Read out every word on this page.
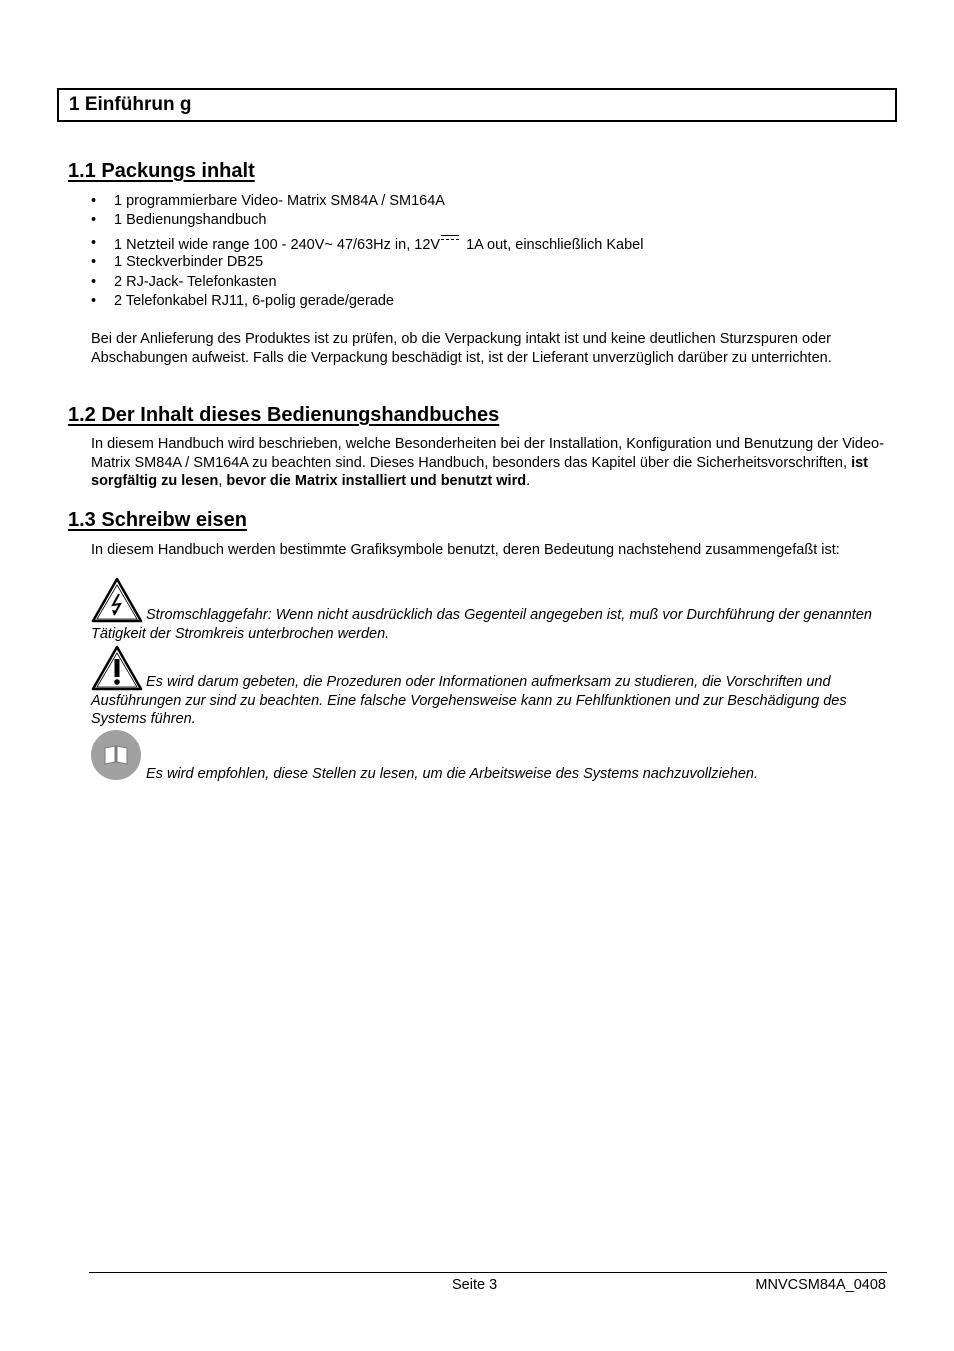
1 Einführun g
1.1 Packungs inhalt
• 1 programmierbare Video- Matrix SM84A / SM164A
• 1 Bedienungshandbuch
• 1 Netzteil wide range 100 - 240V~ 47/63Hz in, 12V 1A out, einschließlich Kabel
• 1 Steckverbinder DB25
• 2 RJ-Jack- Telefonkasten
• 2 Telefonkabel RJ11, 6-polig gerade/gerade
Bei der Anlieferung des Produktes ist zu prüfen, ob die Verpackung intakt ist und keine deutlichen Sturzspuren oder Abschabungen aufweist. Falls die Verpackung beschädigt ist, ist der Lieferant unverzüglich darüber zu unterrichten.
1.2 Der Inhalt dieses Bedienungshandbuches
In diesem Handbuch wird beschrieben, welche Besonderheiten bei der Installation, Konfiguration und Benutzung der Video- Matrix SM84A / SM164A zu beachten sind. Dieses Handbuch, besonders das Kapitel über die Sicherheitsvorschriften, ist sorgfältig zu lesen, bevor die Matrix installiert und benutzt wird.
1.3 Schreibw eisen
In diesem Handbuch werden bestimmte Grafiksymbole benutzt, deren Bedeutung nachstehend zusammengefaßt ist:
Stromschlaggefahr: Wenn nicht ausdrücklich das Gegenteil angegeben ist, muß vor Durchführung der genannten Tätigkeit der Stromkreis unterbrochen werden.
Es wird darum gebeten, die Prozeduren oder Informationen aufmerksam zu studieren, die Vorschriften und Ausführungen zur sind zu beachten. Eine falsche Vorgehensweise kann zu Fehlfunktionen und zur Beschädigung des Systems führen.
Es wird empfohlen, diese Stellen zu lesen, um die Arbeitsweise des Systems nachzuvollziehen.
Seite 3	MNVCSM84A_0408
